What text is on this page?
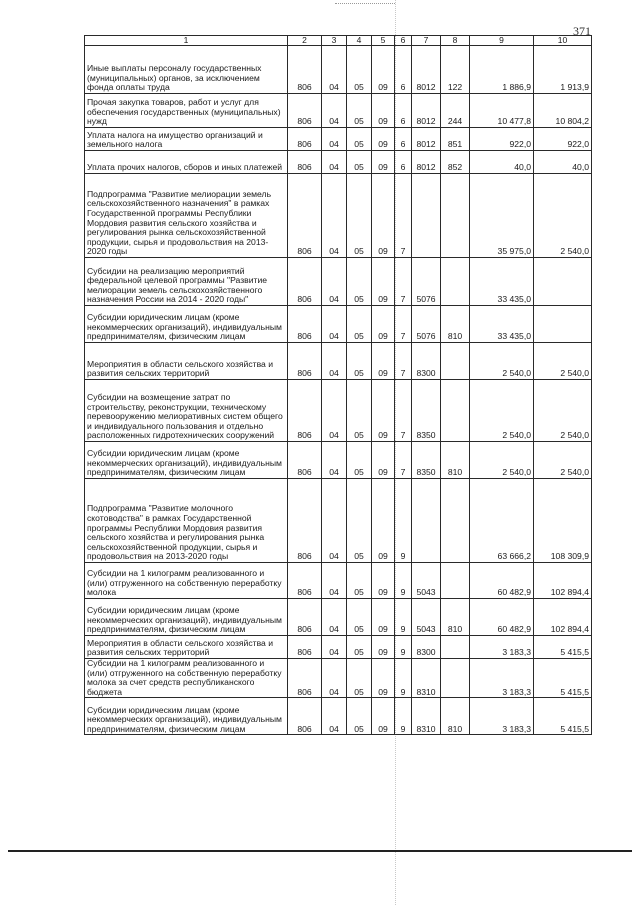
371
1	2	3	4	5	6	7	8	9	10
Иные выплаты персоналу государственных (муниципальных) органов, за исключением фонда оплаты труда	806	04	05	09	6	8012	122	1 886,9	1 913,9
Прочая закупка товаров, работ и услуг для обеспечения государственных (муниципальных) нужд	806	04	05	09	6	8012	244	10 477,8	10 804,2
Уплата налога на имущество организаций и земельного налога	806	04	05	09	6	8012	851	922,0	922,0
Уплата прочих налогов, сборов и иных платежей	806	04	05	09	6	8012	852	40,0	40,0
Подпрограмма "Развитие мелиорации земель сельскохозяйственного назначения" в рамках Государственной программы Республики Мордовия развития сельского хозяйства и регулирования рынка сельскохозяйственной продукции, сырья и продовольствия на 2013-2020 годы	806	04	05	09	7			35 975,0	2 540,0
Субсидии на реализацию мероприятий федеральной целевой программы "Развитие мелиорации земель сельскохозяйственного назначения России на 2014 - 2020 годы"	806	04	05	09	7	5076		33 435,0	
Субсидии юридическим лицам (кроме некоммерческих организаций), индивидуальным предпринимателям, физическим лицам	806	04	05	09	7	5076	810	33 435,0	
Мероприятия в области сельского хозяйства и развития сельских территорий	806	04	05	09	7	8300		2 540,0	2 540,0
Субсидии на возмещение затрат по строительству, реконструкции, техническому перевооружению мелиоративных систем общего и индивидуального пользования и отдельно расположенных гидротехнических сооружений	806	04	05	09	7	8350		2 540,0	2 540,0
Субсидии юридическим лицам (кроме некоммерческих организаций), индивидуальным предпринимателям, физическим лицам	806	04	05	09	7	8350	810	2 540,0	2 540,0
Подпрограмма "Развитие молочного скотоводства" в рамках Государственной программы Республики Мордовия развития сельского хозяйства и регулирования рынка сельскохозяйственной продукции, сырья и продовольствия на 2013-2020 годы	806	04	05	09	9			63 666,2	108 309,9
Субсидии на 1 килограмм реализованного и (или) отгруженного на собственную переработку молока	806	04	05	09	9	5043		60 482,9	102 894,4
Субсидии юридическим лицам (кроме некоммерческих организаций), индивидуальным предпринимателям, физическим лицам	806	04	05	09	9	5043	810	60 482,9	102 894,4
Мероприятия в области сельского хозяйства и развития сельских территорий	806	04	05	09	9	8300		3 183,3	5 415,5
Субсидии на 1 килограмм реализованного и (или) отгруженного на собственную переработку молока за счет средств республиканского бюджета	806	04	05	09	9	8310		3 183,3	5 415,5
Субсидии юридическим лицам (кроме некоммерческих организаций), индивидуальным предпринимателям, физическим лицам	806	04	05	09	9	8310	810	3 183,3	5 415,5
